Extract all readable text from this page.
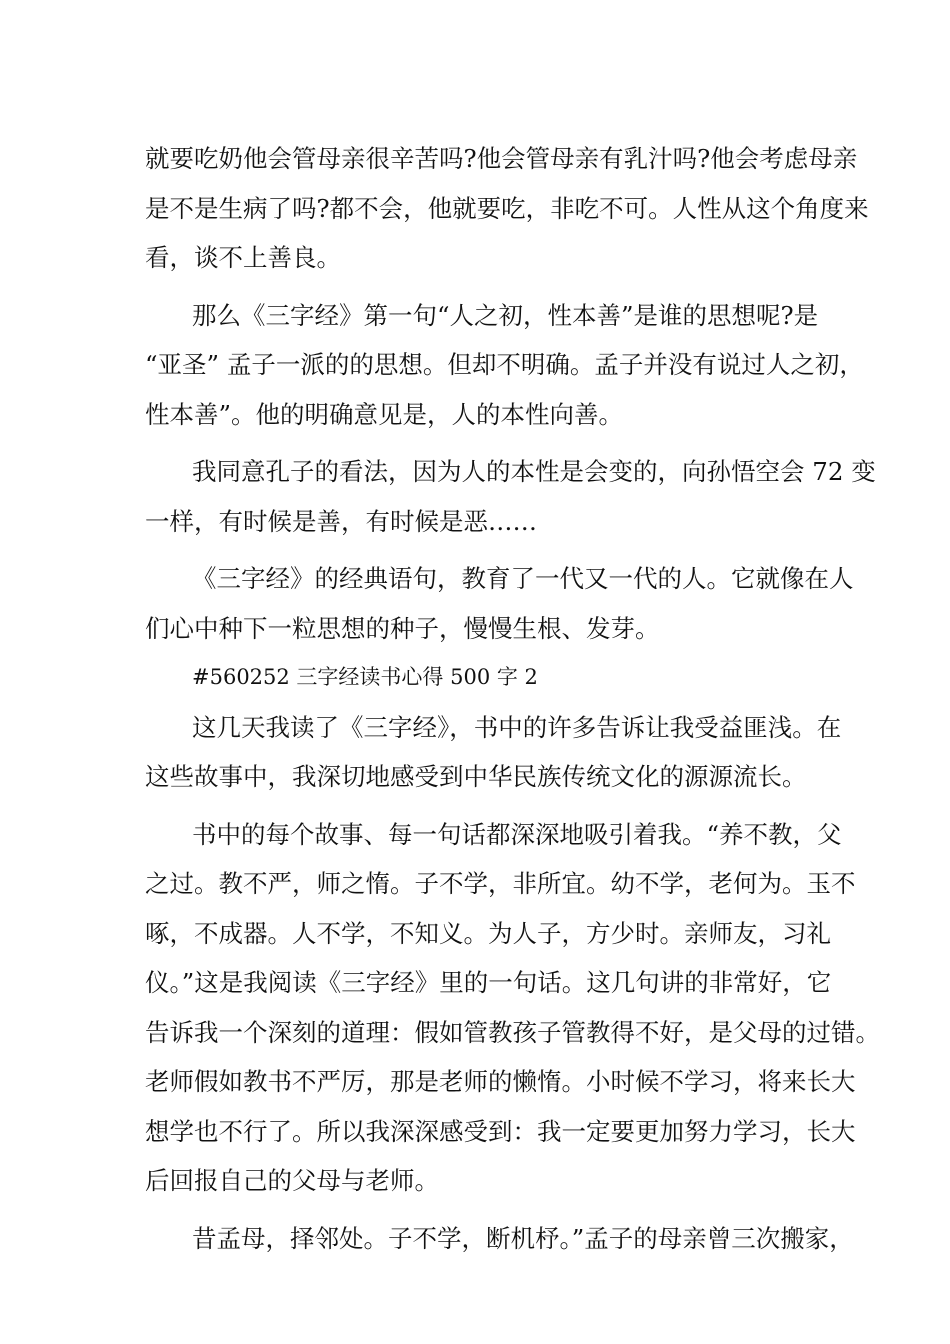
就要吃奶他会管母亲很辛苦吗?他会管母亲有乳汁吗?他会考虑母亲
是不是生病了吗?都不会，他就要吃，非吃不可。人性从这个角度来
看，谈不上善良。
那么《三字经》第一句“人之初，性本善”是谁的思想呢?是
“亚圣” 孟子一派的的思想。但却不明确。孟子并没有说过人之初，
性本善”。他的明确意见是，人的本性向善。
我同意孔子的看法，因为人的本性是会变的，向孙悟空会 72 变
一样，有时候是善，有时候是恶……
《三字经》的经典语句，教育了一代又一代的人。它就像在人
们心中种下一粒思想的种子，慢慢生根、发芽。
#560252 三字经读书心得 500 字 2
这几天我读了《三字经》，书中的许多告诉让我受益匪浅。在
这些故事中，我深切地感受到中华民族传统文化的源源流长。
书中的每个故事、每一句话都深深地吸引着我。“养不教，父
之过。教不严，师之惰。子不学，非所宜。幼不学，老何为。玉不
啄，不成器。人不学，不知义。为人子，方少时。亲师友，习礼
仪。”这是我阅读《三字经》里的一句话。这几句讲的非常好，它
告诉我一个深刻的道理：假如管教孩子管教得不好，是父母的过错。
老师假如教书不严厉，那是老师的懒惰。小时候不学习，将来长大
想学也不行了。所以我深深感受到：我一定要更加努力学习，长大
后回报自己的父母与老师。
昔孟母，择邻处。子不学，断机杼。”孟子的母亲曾三次搬家，
